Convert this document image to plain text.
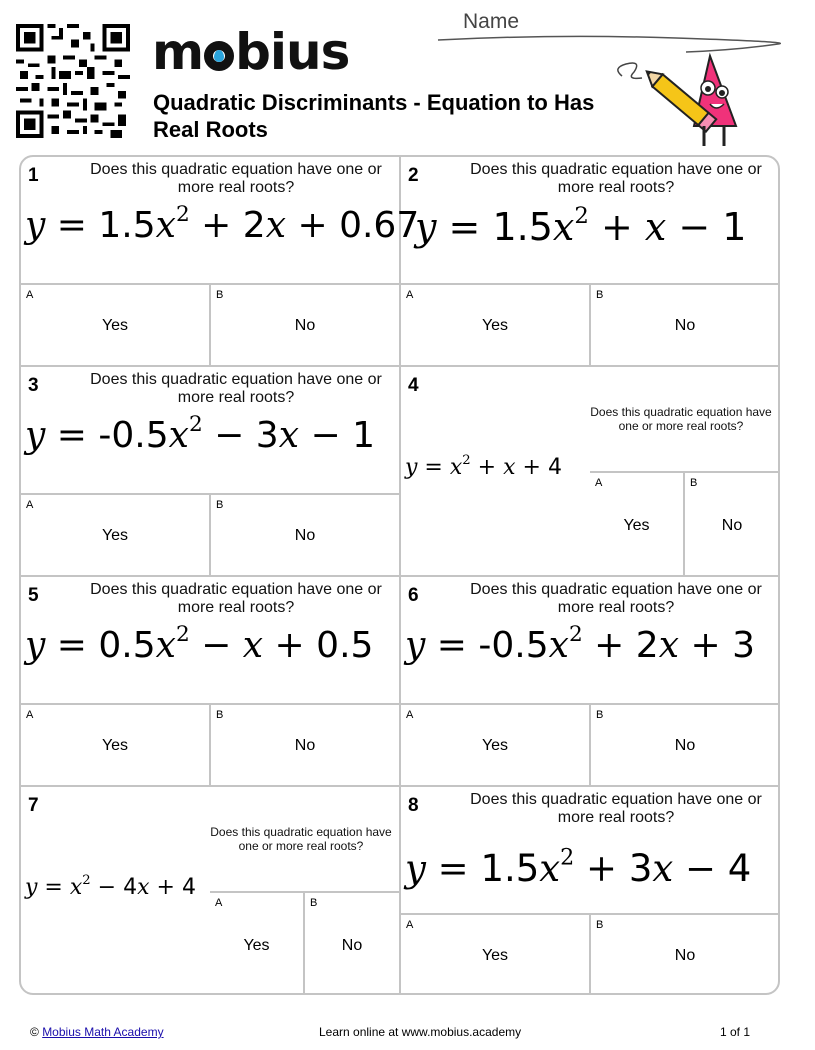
m bius
Quadratic Discriminants - Equation to Has Real Roots
Name
1	Does this quadratic equation have one or more real roots?
$y = 1.5x^2 + 2x + 0.67$
A
Yes
B
No
2	Does this quadratic equation have one or more real roots?
$y = 1.5x^2 + x - 1$
A
Yes
B
No
3	Does this quadratic equation have one or more real roots?
$y = -0.5x^2 - 3x - 1$
A
Yes
B
No
4
Does this quadratic equation have one or more real roots?
$y = x^2 + x + 4$
A
Yes
B
No
5	Does this quadratic equation have one or more real roots?
$y = 0.5x^2 - x + 0.5$
A
Yes
B
No
6	Does this quadratic equation have one or more real roots?
$y = -0.5x^2 + 2x + 3$
A
Yes
B
No
7
Does this quadratic equation have one or more real roots?
$y = x^2 - 4x + 4$
A
Yes
B
No
8	Does this quadratic equation have one or more real roots?
$y = 1.5x^2 + 3x - 4$
A
Yes
B
No
© Mobius Math Academy	Learn online at www.mobius.academy	1 of 1
